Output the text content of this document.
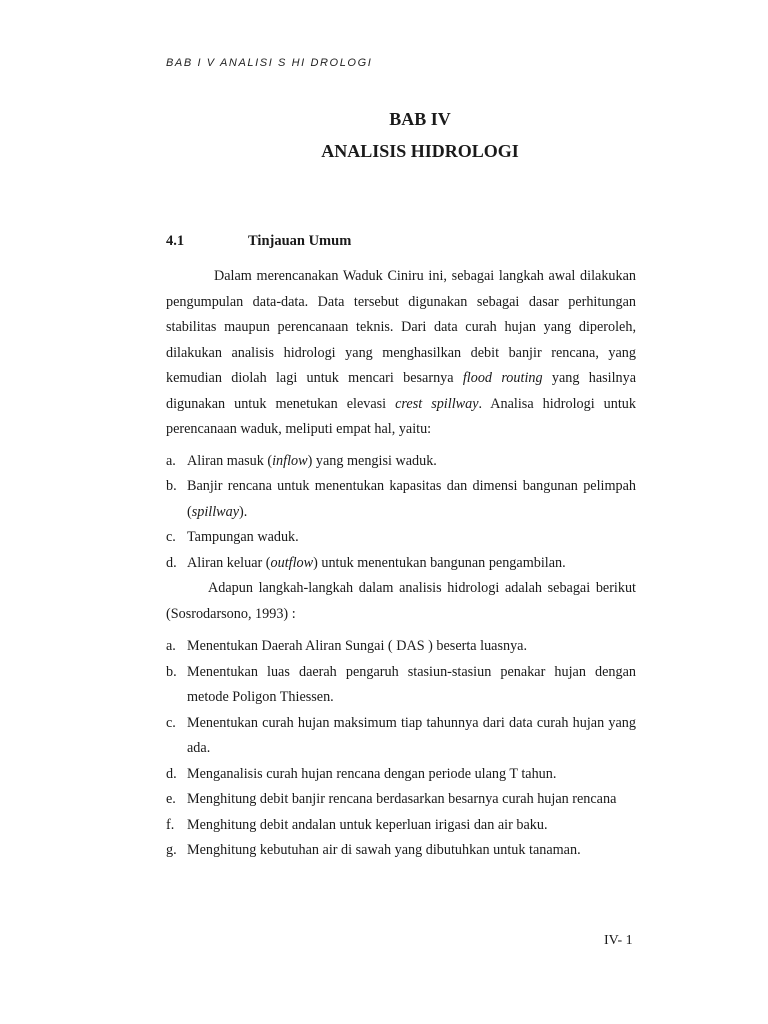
BAB I V ANALISI S HI DROLOGI
BAB IV
ANALISIS HIDROLOGI
4.1	Tinjauan Umum

Dalam merencanakan Waduk Ciniru ini, sebagai langkah awal dilakukan pengumpulan data-data. Data tersebut digunakan sebagai dasar perhitungan stabilitas maupun perencanaan teknis. Dari data curah hujan yang diperoleh, dilakukan analisis hidrologi yang menghasilkan debit banjir rencana, yang kemudian diolah lagi untuk mencari besarnya flood routing yang hasilnya digunakan untuk menetukan elevasi crest spillway. Analisa hidrologi untuk perencanaan waduk, meliputi empat hal, yaitu:

a. Aliran masuk (inflow) yang mengisi waduk.
b. Banjir rencana untuk menentukan kapasitas dan dimensi bangunan pelimpah (spillway).
c. Tampungan waduk.
d. Aliran keluar (outflow) untuk menentukan bangunan pengambilan.

Adapun langkah-langkah dalam analisis hidrologi adalah sebagai berikut (Sosrodarsono, 1993) :

a. Menentukan Daerah Aliran Sungai ( DAS ) beserta luasnya.
b. Menentukan luas daerah pengaruh stasiun-stasiun penakar hujan dengan metode Poligon Thiessen.
c. Menentukan curah hujan maksimum tiap tahunnya dari data curah hujan yang ada.
d. Menganalisis curah hujan rencana dengan periode ulang T tahun.
e. Menghitung debit banjir rencana berdasarkan besarnya curah hujan rencana
f. Menghitung debit andalan untuk keperluan irigasi dan air baku.
g. Menghitung kebutuhan air di sawah yang dibutuhkan untuk tanaman.
IV- 1
